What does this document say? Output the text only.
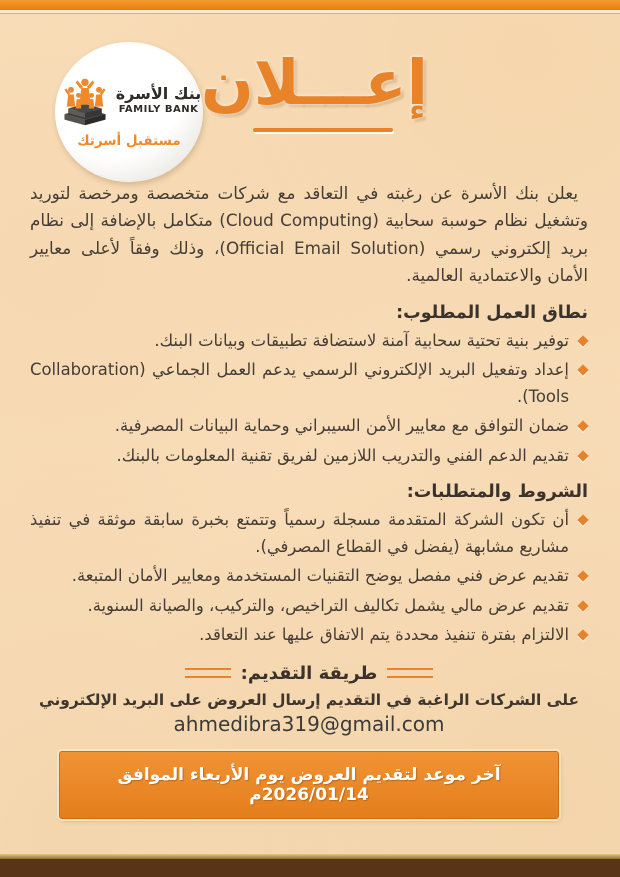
بنك الأسرة
FAMILY BANK
مستقبل أسرتك
إعـــلان

يعلن بنك الأسرة عن رغبته في التعاقد مع شركات متخصصة ومرخصة لتوريد وتشغيل نظام حوسبة سحابية (Cloud Computing) متكامل بالإضافة إلى نظام بريد إلكتروني رسمي (Official Email Solution)، وذلك وفقاً لأعلى معايير الأمان والاعتمادية العالمية.

نطاق العمل المطلوب:
توفير بنية تحتية سحابية آمنة لاستضافة تطبيقات وبيانات البنك.
إعداد وتفعيل البريد الإلكتروني الرسمي يدعم العمل الجماعي (Collaboration Tools).
ضمان التوافق مع معايير الأمن السيبراني وحماية البيانات المصرفية.
تقديم الدعم الفني والتدريب اللازمين لفريق تقنية المعلومات بالبنك.
الشروط والمتطلبات:
أن تكون الشركة المتقدمة مسجلة رسمياً وتتمتع بخبرة سابقة موثقة في تنفيذ مشاريع مشابهة (يفضل في القطاع المصرفي).
تقديم عرض فني مفصل يوضح التقنيات المستخدمة ومعايير الأمان المتبعة.
تقديم عرض مالي يشمل تكاليف التراخيص، والتركيب، والصيانة السنوية.
الالتزام بفترة تنفيذ محددة يتم الاتفاق عليها عند التعاقد.
طريقة التقديم:

على الشركات الراغبة في التقديم إرسال العروض على البريد الإلكتروني

ahmedibra319@gmail.com

آخر موعد لتقديم العروض يوم الأربعاء الموافق 2026/01/14م
